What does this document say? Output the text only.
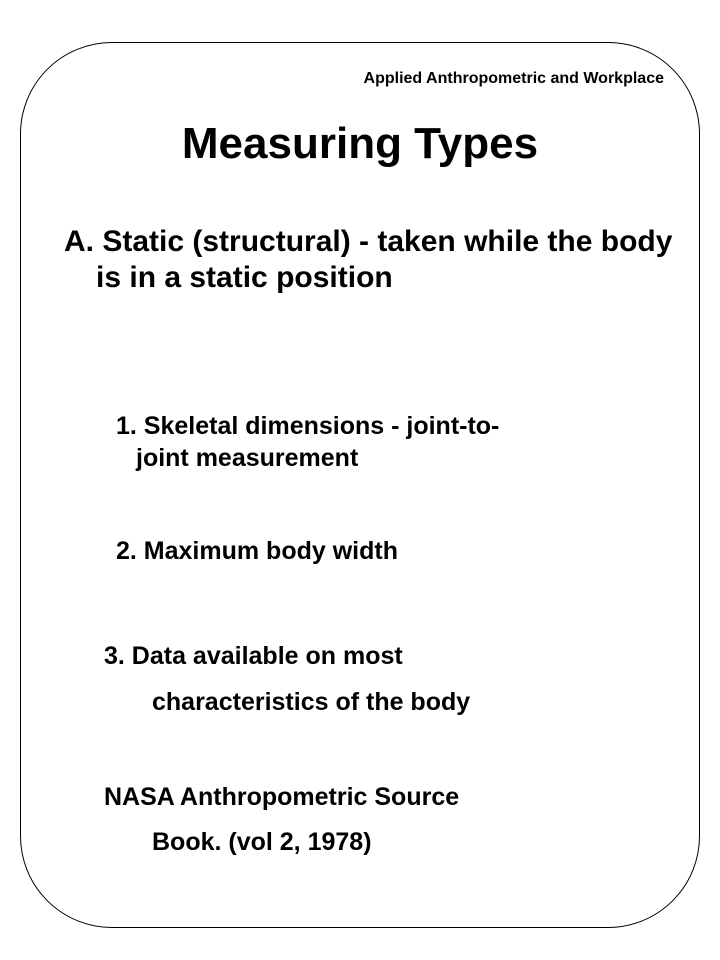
Applied Anthropometric and Workplace
Measuring Types
A. Static (structural) - taken while the body is in a static position
1. Skeletal dimensions - joint-to-
joint measurement
2. Maximum body width
3. Data available on most
characteristics of the body
NASA Anthropometric Source
Book. (vol 2, 1978)
